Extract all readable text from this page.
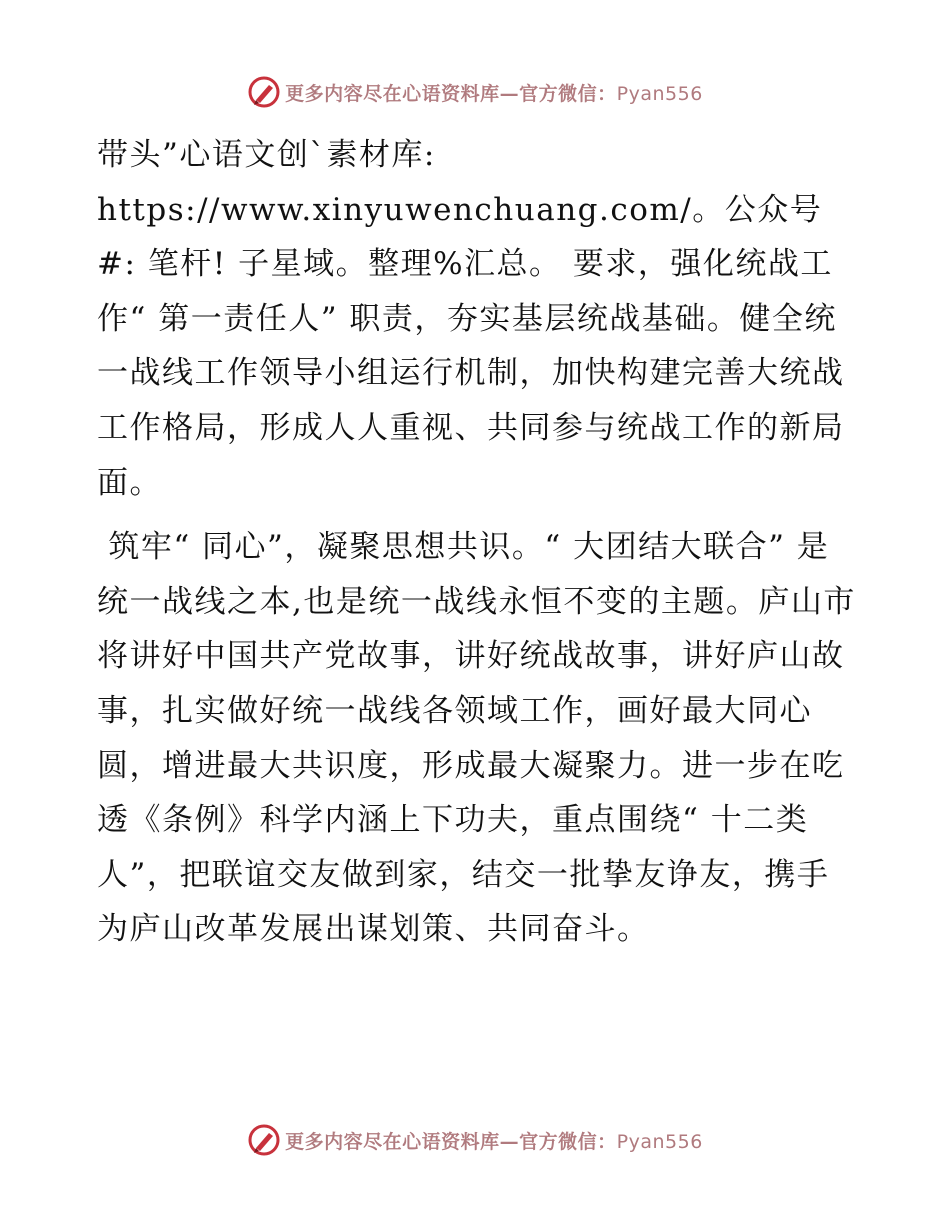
更多内容尽在心语资料库—官方微信：Pyan556

带头”心语文创`素材库: https://www.xinyuwenchuang.com/。公众号#: 笔杆! 子星域。整理%汇总。 要求，强化统战工作“ 第一责任人” 职责，夯实基层统战基础。健全统一战线工作领导小组运行机制，加快构建完善大统战工作格局，形成人人重视、共同参与统战工作的新局面。

筑牢“ 同心”，凝聚思想共识。“ 大团结大联合” 是统一战线之本,也是统一战线永恒不变的主题。庐山市将讲好中国共产党故事，讲好统战故事，讲好庐山故事，扎实做好统一战线各领域工作，画好最大同心圆，增进最大共识度，形成最大凝聚力。进一步在吃透《条例》科学内涵上下功夫，重点围绕“ 十二类人”，把联谊交友做到家，结交一批挚友诤友，携手为庐山改革发展出谋划策、共同奋斗。

更多内容尽在心语资料库—官方微信：Pyan556
